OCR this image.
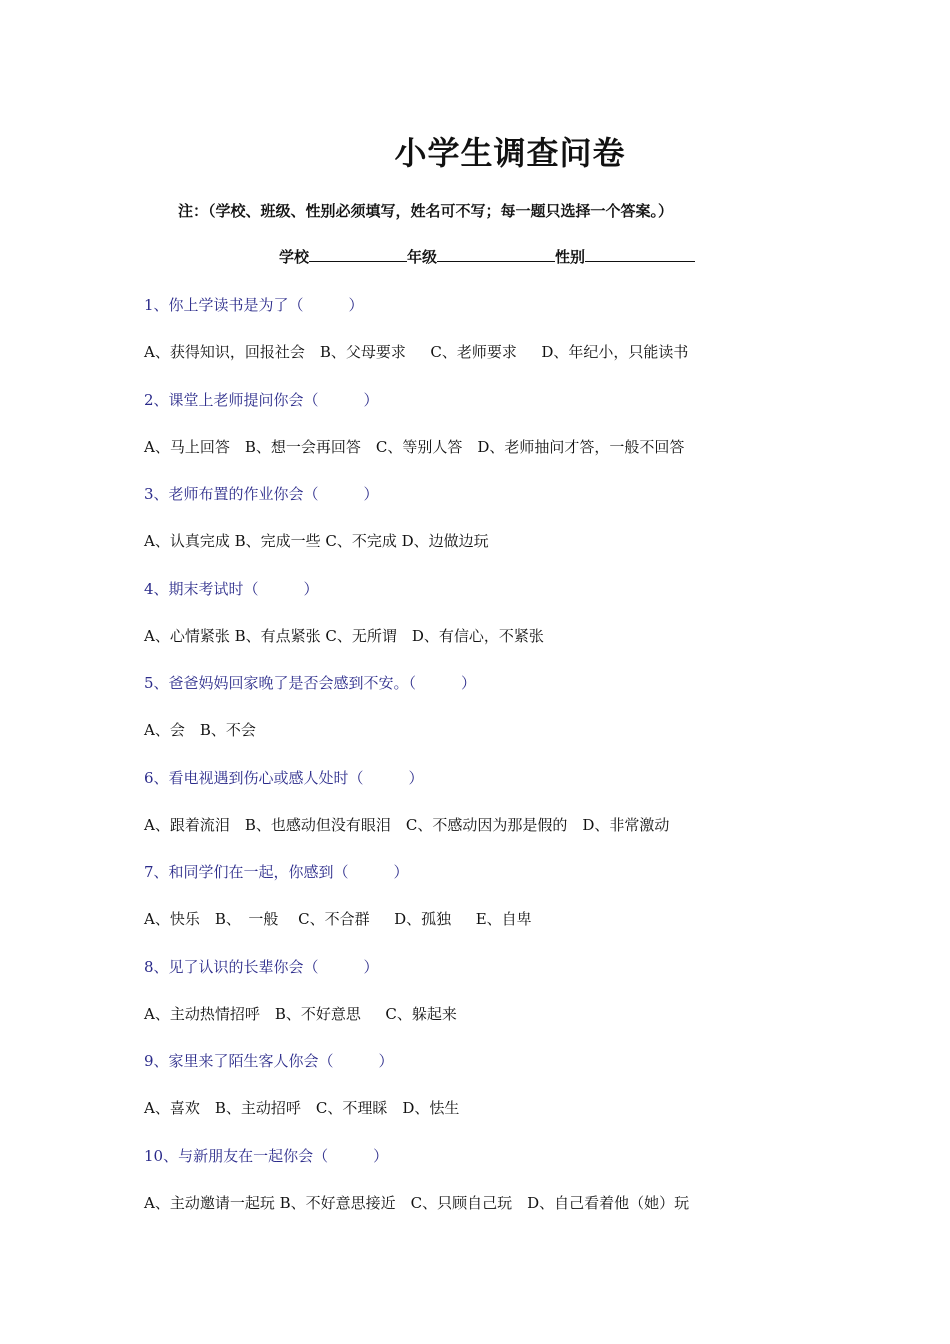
小学生调查问卷
注：（学校、班级、性别必须填写，姓名可不写；每一题只选择一个答案。）
学校	年级	性别
1、你上学读书是为了（　　　）
A、获得知识，回报社会　B、父母要求　  C、老师要求　  D、年纪小，只能读书
2、课堂上老师提问你会（　　　）
A、马上回答　B、想一会再回答　C、等别人答　D、老师抽问才答，一般不回答
3、老师布置的作业你会（　　　）
A、认真完成 B、完成一些 C、不完成 D、边做边玩
4、期末考试时（　　　）
A、心情紧张 B、有点紧张 C、无所谓　D、有信心，不紧张
5、爸爸妈妈回家晚了是否会感到不安。（　　　）
A、会　B、不会
6、看电视遇到伤心或感人处时（　　　）
A、跟着流泪　B、也感动但没有眼泪　C、不感动因为那是假的　D、非常激动
7、和同学们在一起，你感到（　　　）
A、快乐　B、　一般　 C、不合群　  D、孤独　  E、自卑
8、见了认识的长辈你会（　　　）
A、主动热情招呼　B、不好意思　  C、躲起来
9、家里来了陌生客人你会（　　　）
A、喜欢　B、主动招呼　C、不理睬　D、怯生
10、与新朋友在一起你会（　　　）
A、主动邀请一起玩 B、不好意思接近　C、只顾自己玩　D、自己看着他（她）玩
